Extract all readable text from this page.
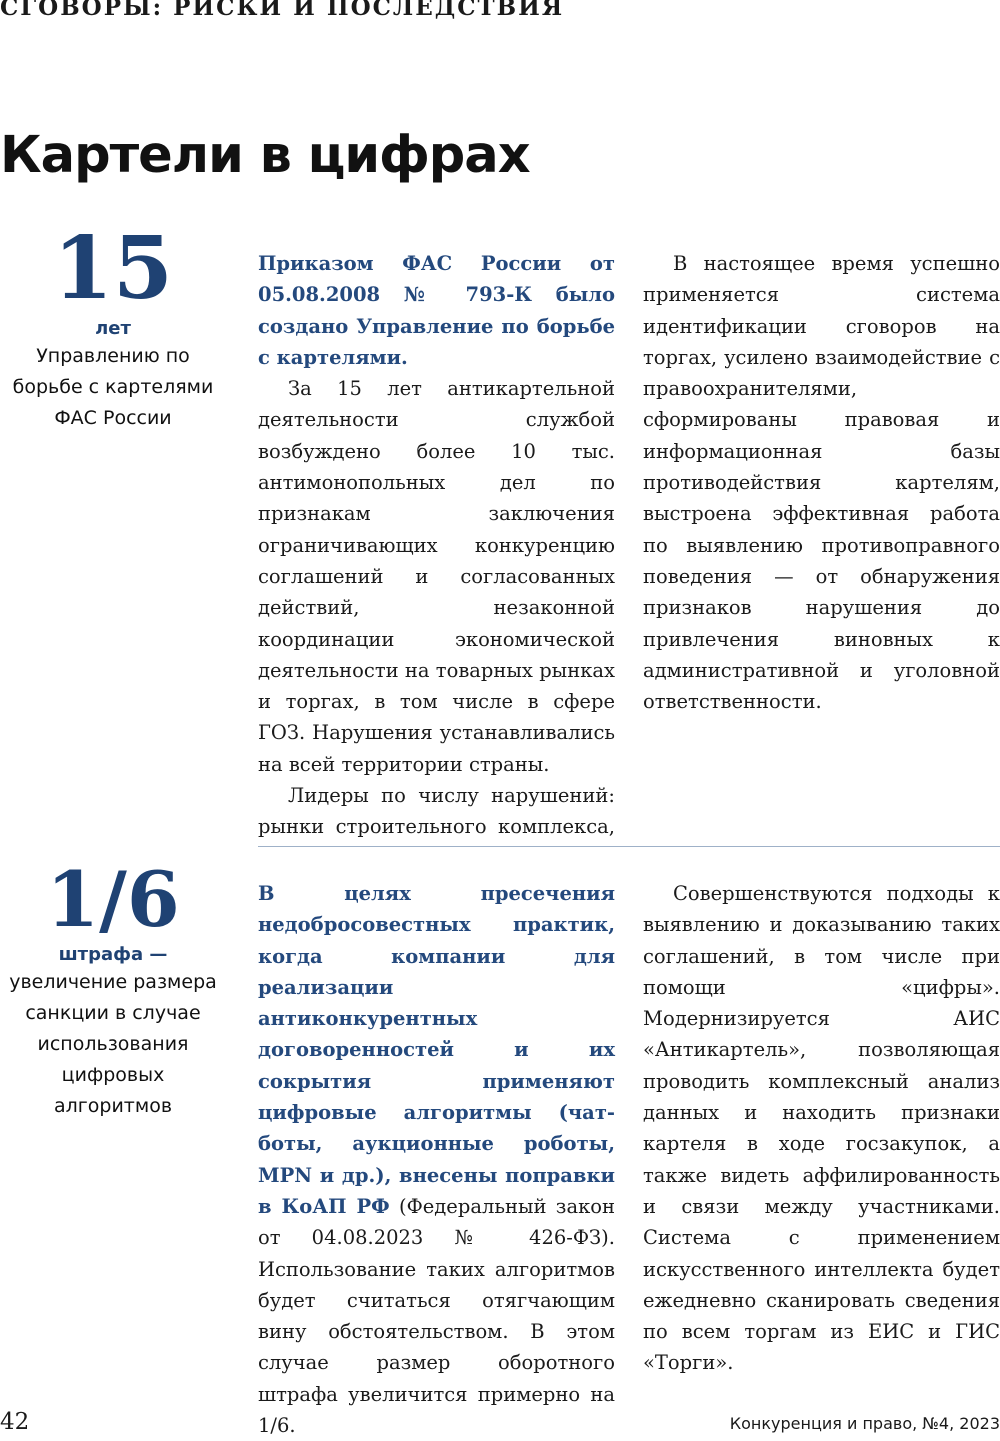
СГОВОРЫ: РИСКИ И ПОСЛЕДСТВИЯ
Картели в цифрах
15
лет
Управлению по борьбе с картелями ФАС России

Приказом ФАС России от 05.08.2008 № 793-К было создано Управление по борьбе с картелями.

За 15 лет антикартельной деятельности службой возбуждено более 10 тыс. антимонопольных дел по признакам заключения ограничивающих конкуренцию соглашений и согласованных действий, незаконной координации экономической деятельности на товарных рынках и торгах, в том числе в сфере ГОЗ. Нарушения устанавливались на всей территории страны.

Лидеры по числу нарушений: рынки строительного комплекса,

В настоящее время успешно применяется система идентификации сговоров на торгах, усилено взаимодействие с правоохранителями, сформированы правовая и информационная базы противодействия картелям, выстроена эффективная работа по выявлению противоправного поведения — от обнаружения признаков нарушения до привлечения виновных к административной и уголовной ответственности.

1/6
штрафа —
увеличение размера санкции в случае использования цифровых алгоритмов

В целях пресечения недобросовестных практик, когда компании для реализации антиконкурентных договоренностей и их сокрытия применяют цифровые алгоритмы (чат-боты, аукционные роботы, MPN и др.), внесены поправки в КоАП РФ (Федеральный закон от 04.08.2023 № 426-ФЗ). Использование таких алгоритмов будет считаться отягчающим вину обстоятельством. В этом случае размер оборотного штрафа увеличится примерно на 1/6.

Совершенствуются подходы к выявлению и доказыванию таких соглашений, в том числе при помощи «цифры». Модернизируется АИС «Антикартель», позволяющая проводить комплексный анализ данных и находить признаки картеля в ходе госзакупок, а также видеть аффилированность и связи между участниками. Система с применением искусственного интеллекта будет ежедневно сканировать сведения по всем торгам из ЕИС и ГИС «Торги».

42	Конкуренция и право, №4, 2023
